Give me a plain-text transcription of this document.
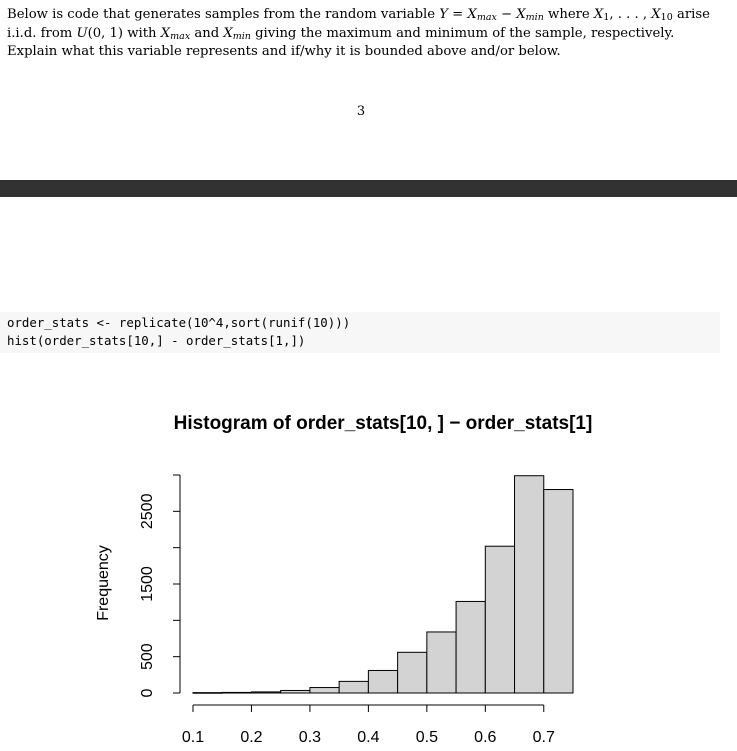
Below is code that generates samples from the random variable $Y = X_{max} - X_{min}$ where $X_1$, . . . , $X_{10}$ arise
i.i.d. from U(0, 1) with $X_{max}$ and $X_{min}$ giving the maximum and minimum of the sample, respectively.
Explain what this variable represents and if/why it is bounded above and/or below.
3
order_stats <- replicate(10^4,sort(runif(10)))
hist(order_stats[10,] - order_stats[1,])
Histogram of order_stats[10, ] − order_stats[1]
Frequency
0.1 0.2 0.3 0.4 0.5 0.6 0.7
0
500
1500
2500
